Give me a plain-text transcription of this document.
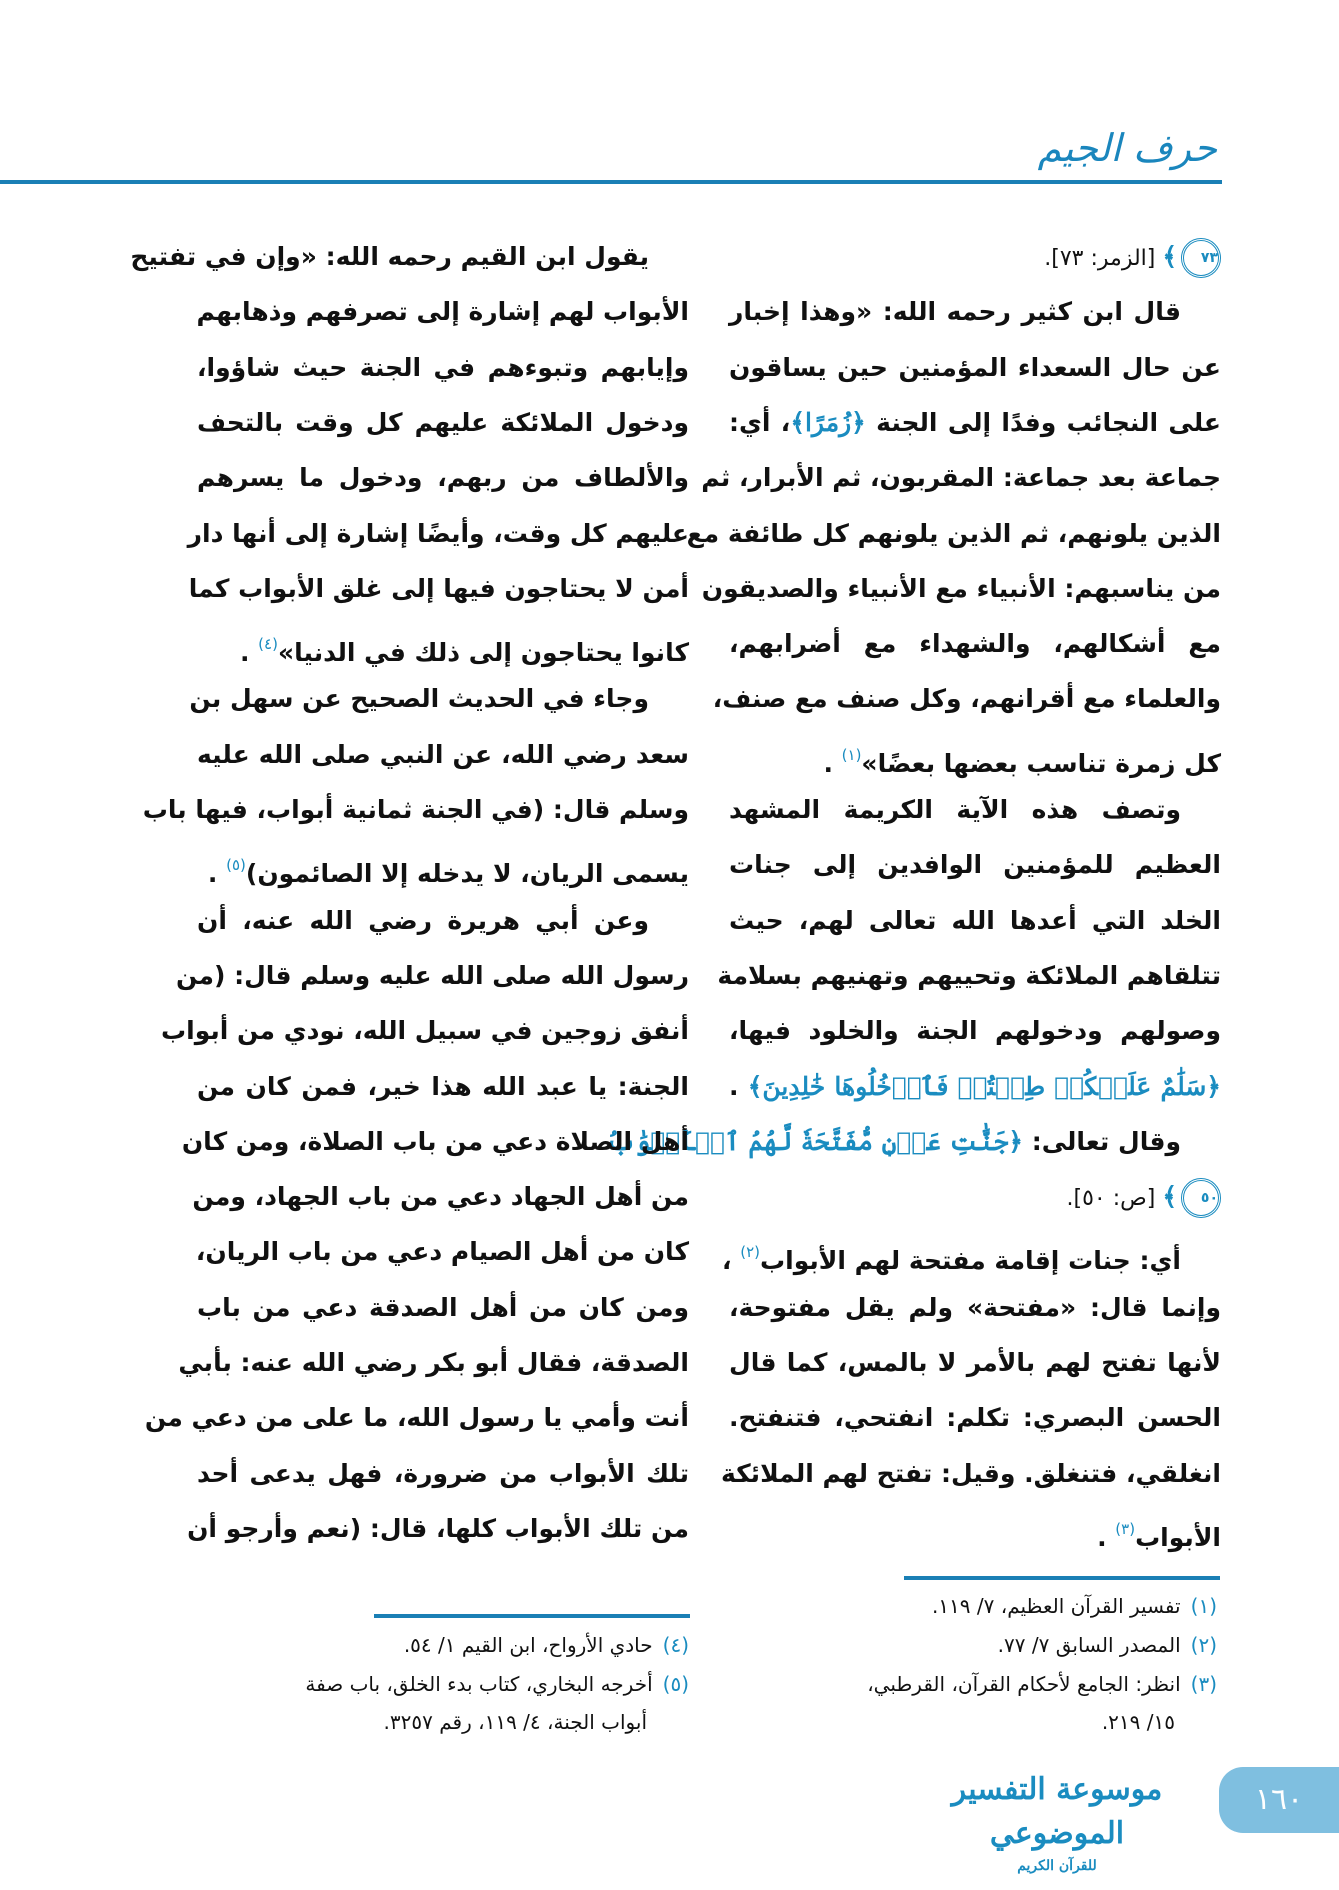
حرف الجيم
٧٣﴾ [الزمر: ٧٣].
قال ابن كثير رحمه الله: «وهذا إخبار
عن حال السعداء المؤمنين حين يساقون
على النجائب وفدًا إلى الجنة ﴿زُمَرًا﴾، أي:
جماعة بعد جماعة: المقربون، ثم الأبرار، ثم
الذين يلونهم، ثم الذين يلونهم كل طائفة مع
من يناسبهم: الأنبياء مع الأنبياء والصديقون
مع أشكالهم، والشهداء مع أضرابهم،
والعلماء مع أقرانهم، وكل صنف مع صنف،
كل زمرة تناسب بعضها بعضًا»$^{(١)}$ .
وتصف هذه الآية الكريمة المشهد
العظيم للمؤمنين الوافدين إلى جنات
الخلد التي أعدها الله تعالى لهم، حيث
تتلقاهم الملائكة وتحييهم وتهنيهم بسلامة
وصولهم ودخولهم الجنة والخلود فيها،
﴿سَلَٰمٌ عَلَيۡكُمۡ طِبۡتُمۡ فَٱدۡخُلُوهَا خَٰلِدِينَ﴾ .
وقال تعالى: ﴿جَنَّٰتِ عَدۡنٖ مُّفَتَّحَةٗ لَّهُمُ ٱلۡأَبۡوَٰبُ
٥٠﴾ [ص: ٥٠].
أي: جنات إقامة مفتحة لهم الأبواب$^{(٢)}$ ،
وإنما قال: «مفتحة» ولم يقل مفتوحة،
لأنها تفتح لهم بالأمر لا بالمس، كما قال
الحسن البصري: تكلم: انفتحي، فتنفتح.
انغلقي، فتنغلق. وقيل: تفتح لهم الملائكة
الأبواب$^{(٣)}$ .
يقول ابن القيم رحمه الله: «وإن في تفتيح
الأبواب لهم إشارة إلى تصرفهم وذهابهم
وإيابهم وتبوءهم في الجنة حيث شاؤوا،
ودخول الملائكة عليهم كل وقت بالتحف
والألطاف من ربهم، ودخول ما يسرهم
عليهم كل وقت، وأيضًا إشارة إلى أنها دار
أمن لا يحتاجون فيها إلى غلق الأبواب كما
كانوا يحتاجون إلى ذلك في الدنيا»$^{(٤)}$ .
وجاء في الحديث الصحيح عن سهل بن
سعد رضي الله، عن النبي صلى الله عليه
وسلم قال: (في الجنة ثمانية أبواب، فيها باب
يسمى الريان، لا يدخله إلا الصائمون)$^{(٥)}$ .
وعن أبي هريرة رضي الله عنه، أن
رسول الله صلى الله عليه وسلم قال: (من
أنفق زوجين في سبيل الله، نودي من أبواب
الجنة: يا عبد الله هذا خير، فمن كان من
أهل الصلاة دعي من باب الصلاة، ومن كان
من أهل الجهاد دعي من باب الجهاد، ومن
كان من أهل الصيام دعي من باب الريان،
ومن كان من أهل الصدقة دعي من باب
الصدقة، فقال أبو بكر رضي الله عنه: بأبي
أنت وأمي يا رسول الله، ما على من دعي من
تلك الأبواب من ضرورة، فهل يدعى أحد
من تلك الأبواب كلها، قال: (نعم وأرجو أن
(١)تفسير القرآن العظيم، ٧/ ١١٩.
(٢)المصدر السابق ٧/ ٧٧.
(٣)انظر: الجامع لأحكام القرآن، القرطبي،
١٥/ ٢١٩.
(٤)حادي الأرواح، ابن القيم ١/ ٥٤.
(٥)أخرجه البخاري، كتاب بدء الخلق، باب صفة
أبواب الجنة، ٤/ ١١٩، رقم ٣٢٥٧.
موسوعة التفسير الموضوعي
للقرآن الكريم
١٦٠
